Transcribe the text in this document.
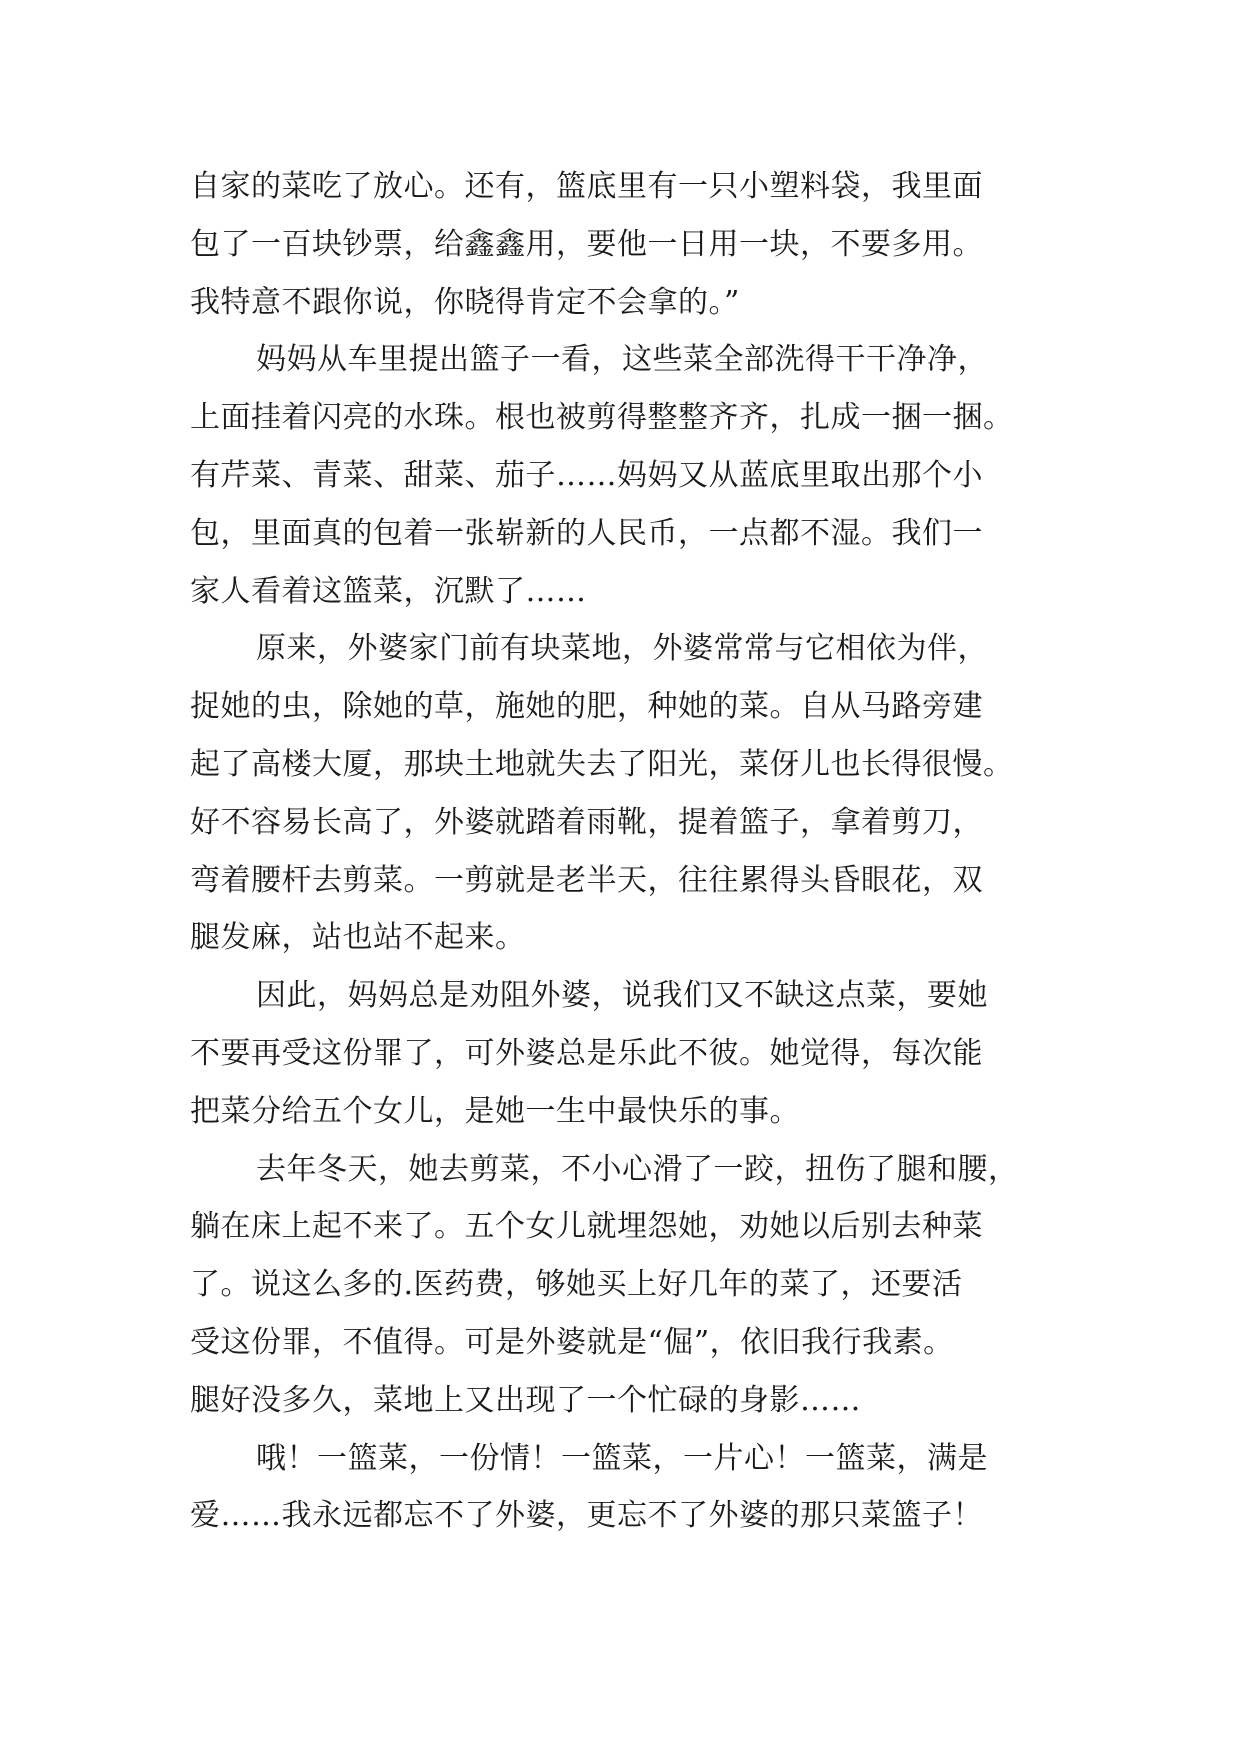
自家的菜吃了放心。还有，篮底里有一只小塑料袋，我里面
包了一百块钞票，给鑫鑫用，要他一日用一块，不要多用。
我特意不跟你说，你晓得肯定不会拿的。”
妈妈从车里提出篮子一看，这些菜全部洗得干干净净，
上面挂着闪亮的水珠。根也被剪得整整齐齐，扎成一捆一捆。
有芹菜、青菜、甜菜、茄子……妈妈又从蓝底里取出那个小
包，里面真的包着一张崭新的人民币，一点都不湿。我们一
家人看着这篮菜，沉默了……
原来，外婆家门前有块菜地，外婆常常与它相依为伴，
捉她的虫，除她的草，施她的肥，种她的菜。自从马路旁建
起了高楼大厦，那块土地就失去了阳光，菜伢儿也长得很慢。
好不容易长高了，外婆就踏着雨靴，提着篮子，拿着剪刀，
弯着腰杆去剪菜。一剪就是老半天，往往累得头昏眼花，双
腿发麻，站也站不起来。
因此，妈妈总是劝阻外婆，说我们又不缺这点菜，要她
不要再受这份罪了，可外婆总是乐此不彼。她觉得，每次能
把菜分给五个女儿，是她一生中最快乐的事。
去年冬天，她去剪菜，不小心滑了一跤，扭伤了腿和腰，
躺在床上起不来了。五个女儿就埋怨她，劝她以后别去种菜
了。说这么多的.医药费，够她买上好几年的菜了，还要活
受这份罪，不值得。可是外婆就是“倔”，依旧我行我素。
腿好没多久，菜地上又出现了一个忙碌的身影……
哦！一篮菜，一份情！一篮菜，一片心！一篮菜，满是
爱……我永远都忘不了外婆，更忘不了外婆的那只菜篮子！
